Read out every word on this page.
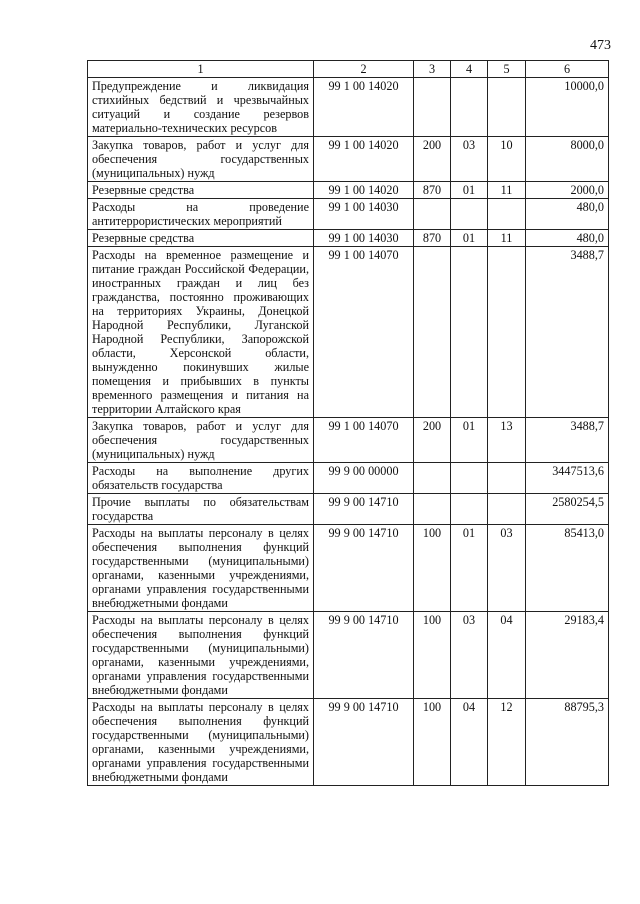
473
1	2	3	4	5	6
Предупреждение и ликвидация стихийных бедствий и чрезвычайных ситуаций и создание резервов материально-технических ресурсов	99 1 00 14020				10000,0
Закупка товаров, работ и услуг для обеспечения государственных (муниципальных) нужд	99 1 00 14020	200	03	10	8000,0
Резервные средства	99 1 00 14020	870	01	11	2000,0
Расходы на проведение антитеррористических мероприятий	99 1 00 14030				480,0
Резервные средства	99 1 00 14030	870	01	11	480,0
Расходы на временное размещение и питание граждан Российской Федерации, иностранных граждан и лиц без гражданства, постоянно проживающих на территориях Украины, Донецкой Народной Республики, Луганской Народной Республики, Запорожской области, Херсонской области, вынужденно покинувших жилые помещения и прибывших в пункты временного размещения и питания на территории Алтайского края	99 1 00 14070				3488,7
Закупка товаров, работ и услуг для обеспечения государственных (муниципальных) нужд	99 1 00 14070	200	01	13	3488,7
Расходы на выполнение других обязательств государства	99 9 00 00000				3447513,6
Прочие выплаты по обязательствам государства	99 9 00 14710				2580254,5
Расходы на выплаты персоналу в целях обеспечения выполнения функций государственными (муниципальными) органами, казенными учреждениями, органами управления государственными внебюджетными фондами	99 9 00 14710	100	01	03	85413,0
Расходы на выплаты персоналу в целях обеспечения выполнения функций государственными (муниципальными) органами, казенными учреждениями, органами управления государственными внебюджетными фондами	99 9 00 14710	100	03	04	29183,4
Расходы на выплаты персоналу в целях обеспечения выполнения функций государственными (муниципальными) органами, казенными учреждениями, органами управления государственными внебюджетными фондами	99 9 00 14710	100	04	12	88795,3
